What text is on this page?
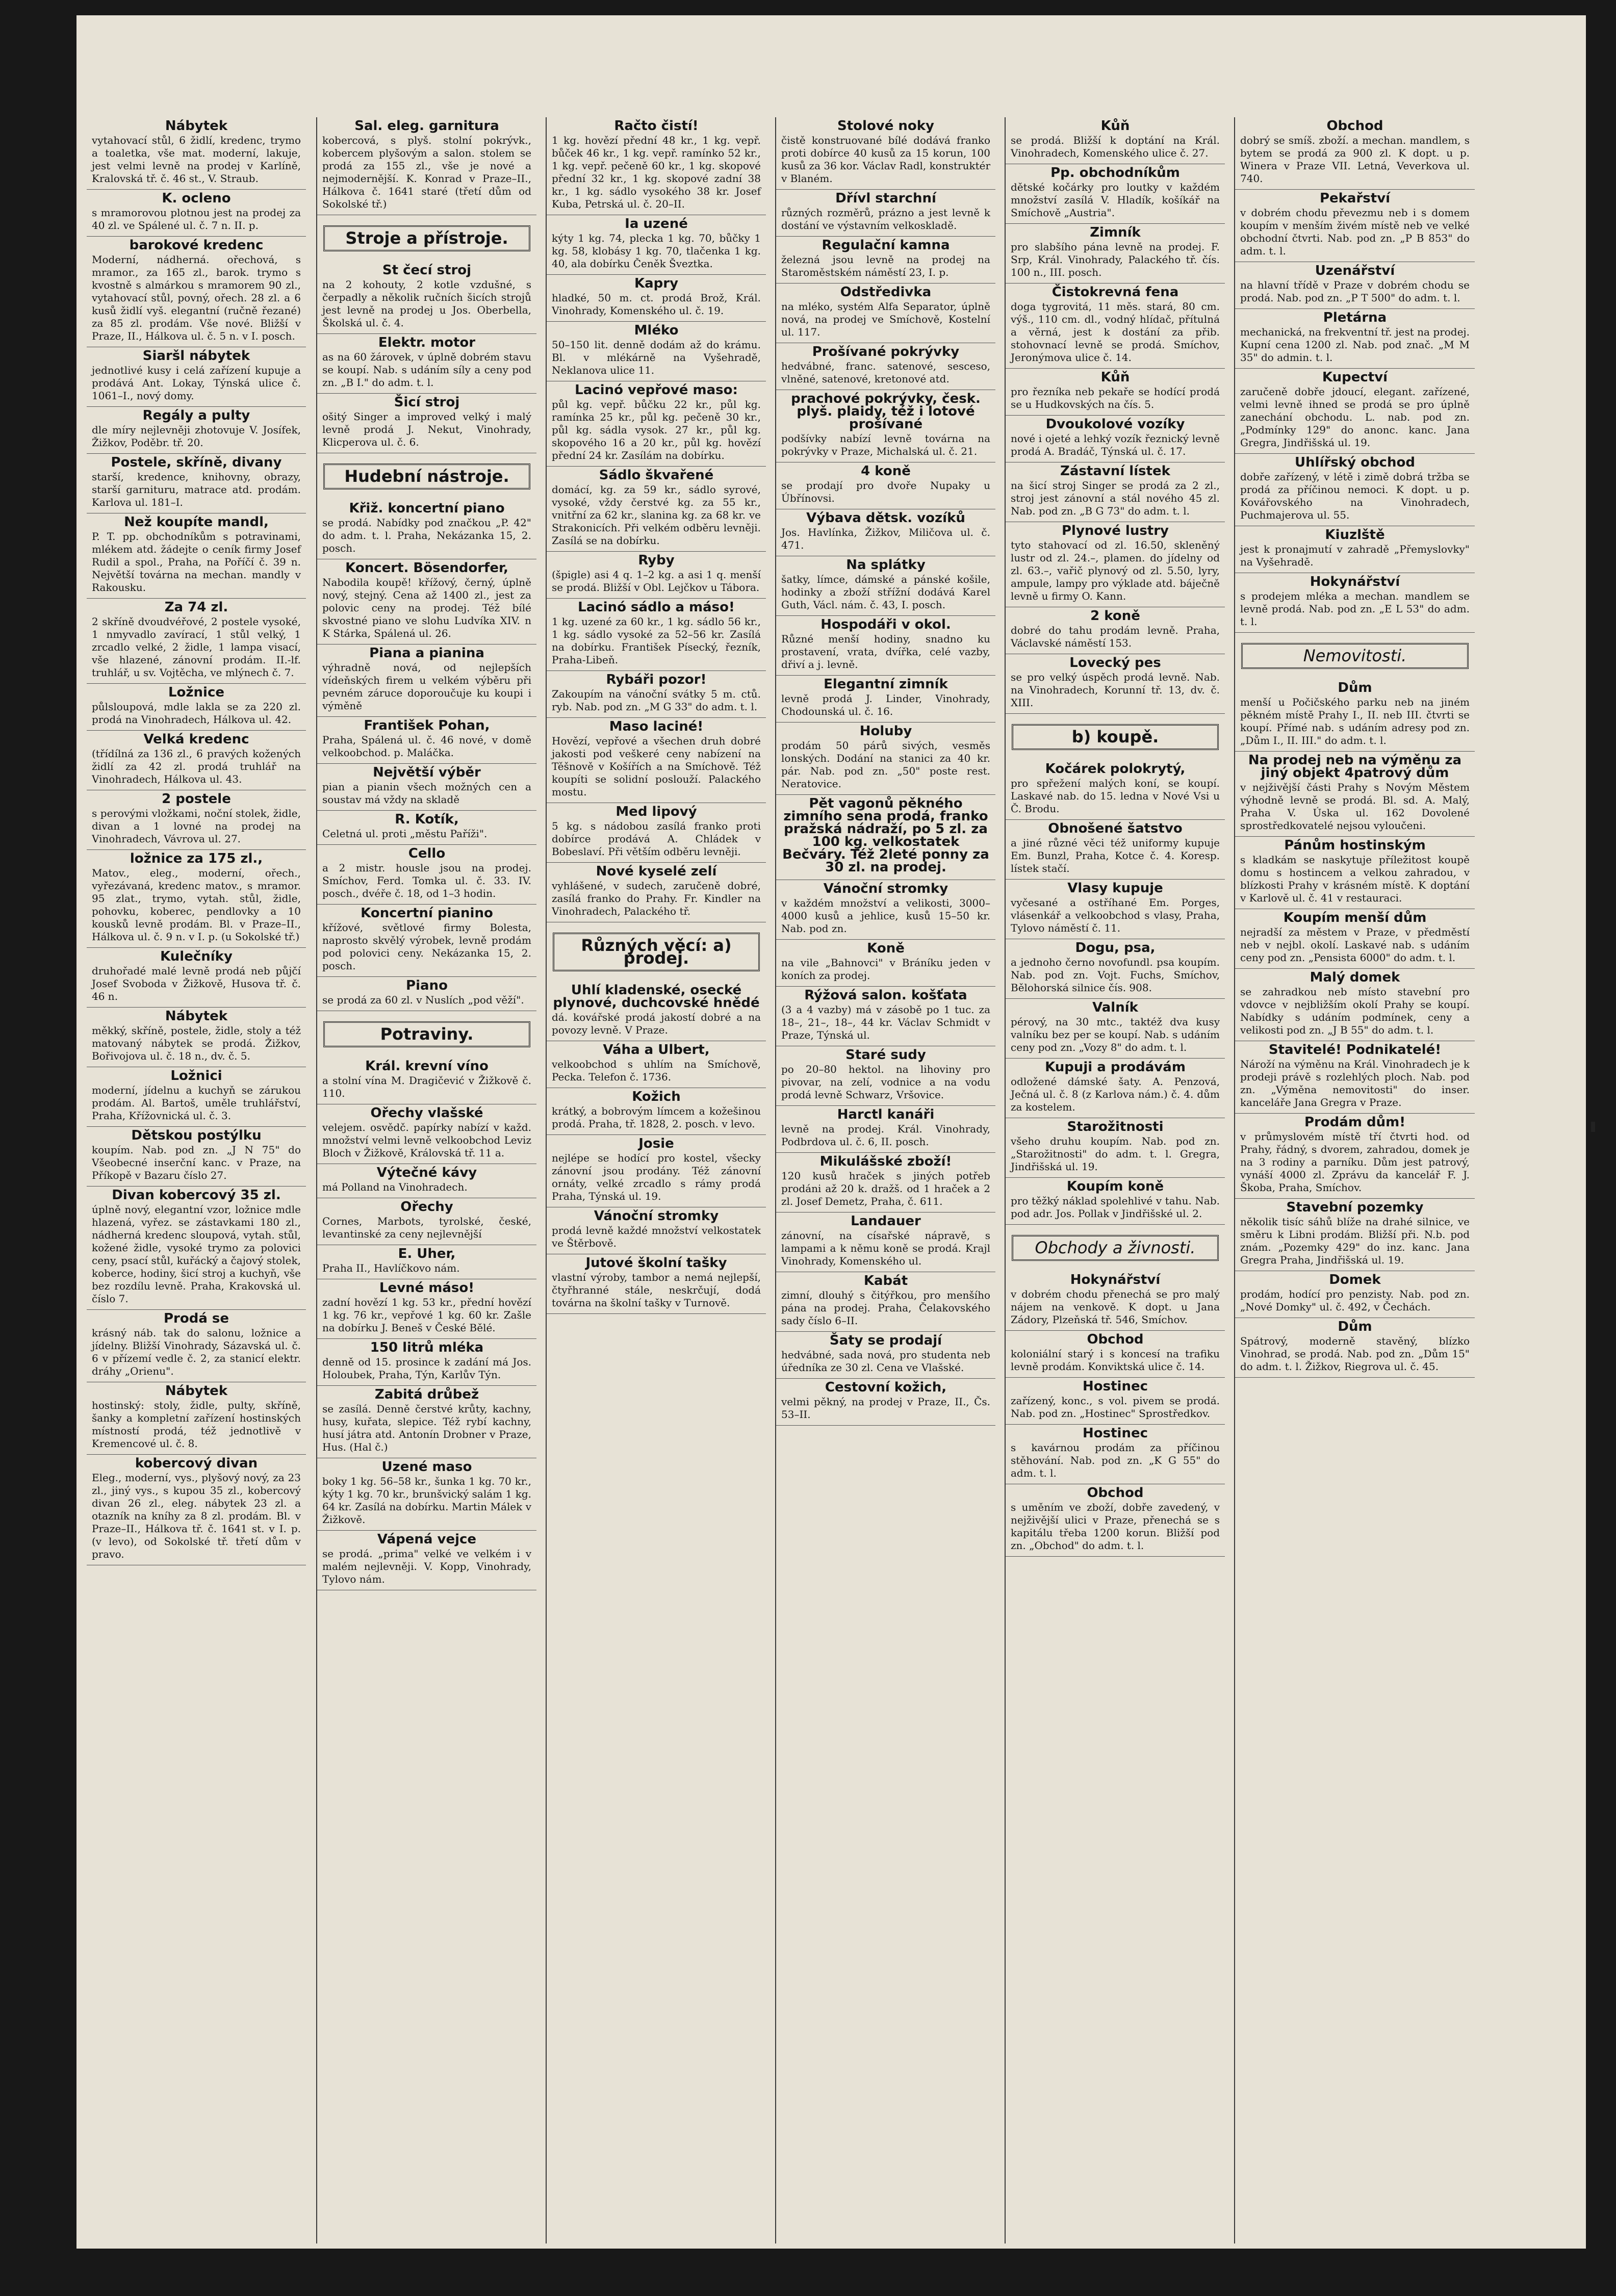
Nábytek

vytahovací stůl, 6 židlí, kredenc, trymo a toaletka, vše mat. moderní, lakuje, jest velmi levně na prodej v Karlíně, Kralovská tř. č. 46 st., V. Straub.

K. ocleno

s mramorovou plotnou jest na prodej za 40 zl. ve Spálené ul. č. 7 n. II. p.

barokové kredenc

Moderní, nádherná. ořechová, s mramor., za 165 zl., barok. trymo s kvostně s almárkou s mramorem 90 zl., vytahovací stůl, povný, ořech. 28 zl. a 6 kusů židlí vyš. elegantní (ručně řezané) za 85 zl. prodám. Vše nové. Bližší v Praze, II., Hálkova ul. č. 5 n. v I. posch.

Siaršl nábytek

jednotlivé kusy i celá zařízení kupuje a prodává Ant. Lokay, Týnská ulice č. 1061–I., nový domy.

Regály a pulty

dle míry nejlevněji zhotovuje V. Josífek, Žižkov, Poděbr. tř. 20.

Postele, skříně, divany

starší, kredence, knihovny, obrazy, starší garnituru, matrace atd. prodám. Karlova ul. 181–I.

Než koupíte mandl,

P. T. pp. obchodníkům s potravinami, mlékem atd. žádejte o ceník firmy Josef Rudil a spol., Praha, na Poříčí č. 39 n. Největší továrna na mechan. mandly v Rakousku.

Za 74 zl.

2 skříně dvoudvéřové, 2 postele vysoké, 1 nmyvadlo zavírací, 1 stůl velký, 1 zrcadlo velké, 2 židle, 1 lampa visací, vše hlazené, zánovní prodám. II.-lf. truhlář, u sv. Vojtěcha, ve mlýnech č. 7.

Ložnice

půlsloupová, mdle lakla se za 220 zl. prodá na Vinohradech, Hálkova ul. 42.

Velká kredenc

(třídílná za 136 zl., 6 pravých kožených židlí za 42 zl. prodá truhlář na Vinohradech, Hálkova ul. 43.

2 postele

s perovými vložkami, noční stolek, židle, divan a 1 lovné na prodej na Vinohradech, Vávrova ul. 27.

ložnice za 175 zl.,

Matov., eleg., moderní, ořech., vyřezávaná, kredenc matov., s mramor. 95 zlat., trymo, vytah. stůl, židle, pohovku, koberec, pendlovky a 10 kousků levně prodám. Bl. v Praze–II., Hálkova ul. č. 9 n. v I. p. (u Sokolské tř.)

Kulečníky

druhořadé malé levně prodá neb půjčí Josef Svoboda v Žižkově, Husova tř. č. 46 n.

Nábytek

měkký, skříně, postele, židle, stoly a též matovaný nábytek se prodá. Žižkov, Bořivojova ul. č. 18 n., dv. č. 5.

Ložnici

moderní, jídelnu a kuchyň se zárukou prodám. Al. Bartoš, uměle truhlářství, Praha, Křížovnická ul. č. 3.

Dětskou postýlku

koupím. Nab. pod zn. „J N 75" do Všeobecné inserční kanc. v Praze, na Příkopě v Bazaru číslo 27.

Divan kobercový 35 zl.

úplně nový, elegantní vzor, ložnice mdle hlazená, vyřez. se zástavkami 180 zl., nádherná kredenc sloupová, vytah. stůl, kožené židle, vysoké trymo za polovici ceny, psací stůl, kuřácký a čajový stolek, koberce, hodiny, šicí stroj a kuchyň, vše bez rozdílu levně. Praha, Krakovská ul. číslo 7.

Prodá se

krásný náb. tak do salonu, ložnice a jídelny. Bližší Vinohrady, Sázavská ul. č. 6 v přízemí vedle č. 2, za stanicí elektr. dráhy „Orienu".

Nábytek

hostinský: stoly, židle, pulty, skříně, šanky a kompletní zařízení hostinských místností prodá, též jednotlivě v Kremencové ul. č. 8.

kobercový divan

Eleg., moderní, vys., plyšový nový, za 23 zl., jiný vys., s kupou 35 zl., kobercový divan 26 zl., eleg. nábytek 23 zl. a otazník na kníhy za 8 zl. prodám. Bl. v Praze–II., Hálkova tř. č. 1641 st. v I. p. (v levo), od Sokolské tř. třetí dům v pravo.

Sal. eleg. garnitura

kobercová, s plyš. stolní pokrývk., kobercem plyšovým a salon. stolem se prodá za 155 zl., vše je nové a nejmodernější. K. Konrad v Praze–II., Hálkova č. 1641 staré (třetí dům od Sokolské tř.)

Stroje a přístroje.
St čecí stroj

na 2 kohouty, 2 kotle vzdušné, s čerpadly a několik ručních šicích strojů jest levně na prodej u Jos. Oberbella, Školská ul. č. 4.

Elektr. motor

as na 60 žárovek, v úplně dobrém stavu se koupí. Nab. s udáním síly a ceny pod zn. „B I." do adm. t. l.

Šicí stroj

ošitý Singer a improved velký i malý levně prodá J. Nekut, Vinohrady, Klicperova ul. č. 6.

Hudební nástroje.
Křiž. koncertní piano

se prodá. Nabídky pod značkou „P. 42" do adm. t. l. Praha, Nekázanka 15, 2. posch.

Koncert. Bösendorfer,

Nabodila koupě! křížový, černý, úplně nový, stejný. Cena až 1400 zl., jest za polovic ceny na prodej. Též bílé skvostné piano ve slohu Ludvíka XIV. n K Stárka, Spálená ul. 26.

Piana a pianina

výhradně nová, od nejlepších vídeňských firem u velkém výběru při pevném záruce doporoučuje ku koupi i výměně

František Pohan,

Praha, Spálená ul. č. 46 nové, v domě velkoobchod. p. Maláčka.

Největší výběr

pian a pianin všech možných cen a soustav má vždy na skladě

R. Kotík,

Celetná ul. proti „městu Paříži".

Cello

a 2 mistr. housle jsou na prodej. Smíchov, Ferd. Tomka ul. č. 33. IV. posch., dvéře č. 18, od 1–3 hodin.

Koncertní pianino

křížové, světlové firmy Bolesta, naprosto skvělý výrobek, levně prodám pod polovici ceny. Nekázanka 15, 2. posch.

Piano

se prodá za 60 zl. v Nuslích „pod věží".

Potraviny.
Král. krevní víno

a stolní vína M. Dragičević v Žižkově č. 110.

Ořechy vlašské

velejem. osvědč. papírky nabízí v každ. množství velmi levně velkoobchod Leviz Bloch v Žižkově, Královská tř. 11 a.

Výtečné kávy

má Polland na Vinohradech.

Ořechy

Cornes, Marbots, tyrolské, české, levantinské za ceny nejlevnější

E. Uher,

Praha II., Havlíčkovo nám.

Levné máso!

zadní hovězí 1 kg. 53 kr., přední hovězí 1 kg. 76 kr., vepřové 1 kg. 60 kr. Zašle na dobírku J. Beneš v České Bělé.

150 litrů mléka

denně od 15. prosince k zadání má Jos. Holoubek, Praha, Týn, Karlův Týn.

Zabitá drůbež

se zasílá. Denně čerstvé krůty, kachny, husy, kuřata, slepice. Též rybí kachny, husí játra atd. Antonín Drobner v Praze, Hus. (Hal č.)

Uzené maso

boky 1 kg. 56–58 kr., šunka 1 kg. 70 kr., kýty 1 kg. 70 kr., brunšvický salám 1 kg. 64 kr. Zasílá na dobírku. Martin Málek v Žižkově.

Vápená vejce

se prodá. „prima" velké ve velkém i v malém nejlevněji. V. Kopp, Vinohrady, Tylovo nám.

Račto čistí!

1 kg. hovězí přední 48 kr., 1 kg. vepř. bůček 46 kr., 1 kg. vepř. ramínko 52 kr., 1 kg. vepř. pečeně 60 kr., 1 kg. skopové přední 32 kr., 1 kg. skopové zadní 38 kr., 1 kg. sádlo vysokého 38 kr. Josef Kuba, Petrská ul. č. 20–II.

Ia uzené

kýty 1 kg. 74, plecka 1 kg. 70, bůčky 1 kg. 58, klobásy 1 kg. 70, tlačenka 1 kg. 40, ala dobírku Čeněk Šveztka.

Kapry

hladké, 50 m. ct. prodá Brož, Král. Vinohrady, Komenského ul. č. 19.

Mléko

50–150 lit. denně dodám až do krámu. Bl. v mlékárně na Vyšehradě, Neklanova ulice 11.

Lacinó vepřové maso:

půl kg. vepř. bůčku 22 kr., půl kg. ramínka 25 kr., půl kg. pečeně 30 kr., půl kg. sádla vysok. 27 kr., půl kg. skopového 16 a 20 kr., půl kg. hovězí přední 24 kr. Zasílám na dobírku.

Sádlo škvařené

domácí, kg. za 59 kr., sádlo syrové, vysoké, vždy čerstvé kg. za 55 kr., vnitřní za 62 kr., slanina kg. za 68 kr. ve Strakonicích. Při velkém odběru levněji. Zasílá se na dobírku.

Ryby

(špigle) asi 4 q. 1–2 kg. a asi 1 q. menší se prodá. Bližší v Obl. Lejčkov u Tábora.

Lacinó sádlo a máso!

1 kg. uzené za 60 kr., 1 kg. sádlo 56 kr., 1 kg. sádlo vysoké za 52–56 kr. Zasílá na dobírku. František Písecký, řezník, Praha-Libeň.

Rybáři pozor!

Zakoupím na vánoční svátky 5 m. ctů. ryb. Nab. pod zn. „M G 33" do adm. t. l.

Maso laciné!

Hovězí, vepřové a všechen druh dobré jakosti pod veškeré ceny nabízení na Těšnově v Košířích a na Smíchově. Též koupíti se solidní poslouží. Palackého mostu.

Med lipový

5 kg. s nádobou zasílá franko proti dobírce prodává A. Chládek v Bobeslaví. Při větším odběru levněji.

Nové kyselé zelí

vyhlášené, v sudech, zaručeně dobré, zasílá franko do Prahy. Fr. Kindler na Vinohradech, Palackého tř.

Různých věcí: a) prodej.
Uhlí kladenské, osecké plynové, duchcovské hnědé

dá. kovářské prodá jakostí dobré a na povozy levně. V Praze.

Váha a Ulbert,

velkoobchod s uhlím na Smíchově, Pecka. Telefon č. 1736.

Kožich

krátký, a bobrovým límcem a kožešinou prodá. Praha, tř. 1828, 2. posch. v levo.

Josie

nejlépe se hodící pro kostel, všecky zánovní jsou prodány. Též zánovní ornáty, velké zrcadlo s rámy prodá Praha, Týnská ul. 19.

Vánoční stromky

prodá levně každé množství velkostatek ve Štěrbově.

Jutové školní tašky

vlastní výroby, tambor a nemá nejlepší, čtyřhranné stále, neskrčují, dodá továrna na školní tašky v Turnově.

Stolové noky

čistě konstruované bílé dodává franko proti dobírce 40 kusů za 15 korun, 100 kusů za 36 kor. Václav Radl, konstruktér v Blaném.

Dřívl starchní

různých rozměrů, prázno a jest levně k dostání ve výstavním velkoskladě.

Regulační kamna

železná jsou levně na prodej na Staroměstském náměstí 23, I. p.

Odstředivka

na mléko, systém Alfa Separator, úplně nová, na prodej ve Smíchově, Kostelní ul. 117.

Prošívané pokrývky

hedvábné, franc. satenové, sesceso, vlněné, satenové, kretonové atd.

prachové pokrývky, česk. plyš. plaidy, též i lotové prošívané

podšívky nabízí levně továrna na pokrývky v Praze, Michalská ul. č. 21.

4 koně

se prodají pro dvoře Nupaky u Úbřínovsi.

Výbava dětsk. vozíků

Jos. Havlínka, Žižkov, Miličova ul. č. 471.

Na splátky

šatky, límce, dámské a pánské košile, hodinky a zboží střížní dodává Karel Guth, Václ. nám. č. 43, I. posch.

Hospodáři v okol.

Různé menší hodiny, snadno ku prostavení, vrata, dvířka, celé vazby, dřiví a j. levně.

Elegantní zimník

levně prodá J. Linder, Vinohrady, Chodounská ul. č. 16.

Holuby

prodám 50 párů sivých, vesměs lonských. Dodání na stanici za 40 kr. pár. Nab. pod zn. „50" poste rest. Neratovice.

Pět vagonů pěkného zimního sena prodá, franko pražská nádraží, po 5 zl. za 100 kg. velkostatek Bečváry. Též 2leté ponny za 30 zl. na prodej.
Vánoční stromky

v každém množství a velikosti, 3000–4000 kusů a jehlice, kusů 15–50 kr. Nab. pod zn.

Koně

na vile „Bahnovci" v Bráníku jeden v koních za prodej.

Rýžová salon. košťata

(3 a 4 vazby) má v zásobě po 1 tuc. za 18–, 21–, 18–, 44 kr. Václav Schmidt v Praze, Týnská ul.

Staré sudy

po 20–80 hektol. na lihoviny pro pivovar, na zelí, vodnice a na vodu prodá levně Schwarz, Vršovice.

Harctl kanáři

levně na prodej. Král. Vinohrady, Podbrdova ul. č. 6, II. posch.

Mikulášské zboží!

120 kusů hraček s jiných potřeb prodáni až 20 k. dražš. od 1 hraček a 2 zl. Josef Demetz, Praha, č. 611.

Landauer

zánovní, na císařské nápravě, s lampami a k němu koně se prodá. Krajl Vinohrady, Komenského ul.

Kabát

zimní, dlouhý s čitýřkou, pro menšího pána na prodej. Praha, Čelakovského sady číslo 6–II.

Šaty se prodají

hedvábné, sada nová, pro studenta neb úředníka ze 30 zl. Cena ve Vlašské.

Cestovní kožich,

velmi pěkný, na prodej v Praze, II., Čs. 53–II.

Kůň

se prodá. Bližší k doptání na Král. Vinohradech, Komenského ulice č. 27.

Pp. obchodníkům

dětské kočárky pro loutky v každém množství zasílá V. Hladík, košíkář na Smíchově „Austria".

Zimník

pro slabšího pána levně na prodej. F. Srp, Král. Vinohrady, Palackého tř. čís. 100 n., III. posch.

Čistokrevná fena

doga tygrovitá, 11 měs. stará, 80 cm. výš., 110 cm. dl., vodný hlídač, přítulná a věrná, jest k dostání za přib. stohovnací levně se prodá. Smíchov, Jeronýmova ulice č. 14.

Kůň

pro řezníka neb pekaře se hodící prodá se u Hudkovských na čís. 5.

Dvoukolové vozíky

nové i ojeté a lehký vozík řeznický levně prodá A. Bradáč, Týnská ul. č. 17.

Zástavní lístek

na šicí stroj Singer se prodá za 2 zl., stroj jest zánovní a stál nového 45 zl. Nab. pod zn. „B G 73" do adm. t. l.

Plynové lustry

tyto stahovací od zl. 16.50, skleněný lustr od zl. 24.–, plamen. do jídelny od zl. 63.–, vařič plynový od zl. 5.50, lyry, ampule, lampy pro výklade atd. báječně levně u firmy O. Kann.

2 koně

dobré do tahu prodám levně. Praha, Václavské náměstí 153.

Lovecký pes

se pro velký úspěch prodá levně. Nab. na Vinohradech, Korunní tř. 13, dv. č. XIII.

b) koupě.
Kočárek polokrytý,

pro spřežení malých koní, se koupí. Laskavé nab. do 15. ledna v Nové Vsi u Č. Brodu.

Obnošené šatstvo

a jiné různé věci též uniformy kupuje Em. Bunzl, Praha, Kotce č. 4. Koresp. lístek stačí.

Vlasy kupuje

vyčesané a ostříhané Em. Porges, vlásenkář a velkoobchod s vlasy, Praha, Tylovo náměstí č. 11.

Dogu, psa,

a jednoho černo novofundl. psa koupím. Nab. pod zn. Vojt. Fuchs, Smíchov, Bělohorská silnice čís. 908.

Valník

pérový, na 30 mtc., taktéž dva kusy valníku bez per se koupí. Nab. s udáním ceny pod zn. „Vozy 8" do adm. t. l.

Kupuji a prodávám

odložené dámské šaty. A. Penzová, Ječná ul. č. 8 (z Karlova nám.) č. 4. dům za kostelem.

Starožitnosti

všeho druhu koupím. Nab. pod zn. „Starožitnosti" do adm. t. l. Gregra, Jindřišská ul. 19.

Koupím koně

pro těžký náklad spolehlivé v tahu. Nab. pod adr. Jos. Pollak v Jindřišské ul. 2.

Obchody a živnosti.
Hokynářství

v dobrém chodu přenechá se pro malý nájem na venkově. K dopt. u Jana Zádory, Plzeňská tř. 546, Smíchov.

Obchod

koloniální starý i s koncesí na trafiku levně prodám. Konviktská ulice č. 14.

Hostinec

zařízený, konc., s vol. pivem se prodá. Nab. pod zn. „Hostinec" Sprostředkov.

Hostinec

s kavárnou prodám za příčinou stěhování. Nab. pod zn. „K G 55" do adm. t. l.

Obchod

s uměním ve zboží, dobře zavedený, v nejživější ulici v Praze, přenechá se s kapitálu třeba 1200 korun. Bližší pod zn. „Obchod" do adm. t. l.

Obchod

dobrý se smíš. zboží. a mechan. mandlem, s bytem se prodá za 900 zl. K dopt. u p. Winera v Praze VII. Letná, Veverkova ul. 740.

Pekařství

v dobrém chodu převezmu neb i s domem koupím v menším živém místě neb ve velké obchodní čtvrti. Nab. pod zn. „P B 853" do adm. t. l.

Uzenářství

na hlavní třídě v Praze v dobrém chodu se prodá. Nab. pod zn. „P T 500" do adm. t. l.

Pletárna

mechanická, na frekventní tř. jest na prodej. Kupní cena 1200 zl. Nab. pod znač. „M M 35" do admin. t. l.

Kupectví

zaručeně dobře jdoucí, elegant. zařízené, velmi levně ihned se prodá se pro úplně zanechání obchodu. L. nab. pod zn. „Podmínky 129" do anonc. kanc. Jana Gregra, Jindřišská ul. 19.

Uhlířský obchod

dobře zařízený, v létě i zimě dobrá tržba se prodá za příčinou nemoci. K dopt. u p. Kovářovského na Vinohradech, Puchmajerova ul. 55.

Kiuzlště

jest k pronajmutí v zahradě „Přemyslovky" na Vyšehradě.

Hokynářství

s prodejem mléka a mechan. mandlem se levně prodá. Nab. pod zn. „E L 53" do adm. t. l.

Nemovitosti.
Dům

menší u Počičského parku neb na jiném pěkném místě Prahy I., II. neb III. čtvrti se koupí. Přímé nab. s udáním adresy pod zn. „Dům I., II. III." do adm. t. l.

Na prodej neb na výměnu za jiný objekt 4patrový dům

v nejživější části Prahy s Novým Městem výhodně levně se prodá. Bl. sd. A. Malý, Praha V. Úska ul. 162 Dovolené sprostředkovatelé nejsou vyloučeni.

Pánům hostinským

s kladkám se naskytuje příležitost koupě domu s hostincem a velkou zahradou, v blízkosti Prahy v krásném místě. K doptání v Karlově ul. č. 41 v restauraci.

Koupím menší dům

nejradší za městem v Praze, v předměstí neb v nejbl. okolí. Laskavé nab. s udáním ceny pod zn. „Pensista 6000" do adm. t. l.

Malý domek

se zahradkou neb místo stavební pro vdovce v nejbližším okolí Prahy se koupí. Nabídky s udáním podmínek, ceny a velikosti pod zn. „J B 55" do adm. t. l.

Stavitelé! Podnikatelé!

Nároží na výměnu na Král. Vinohradech je k prodeji právě s rozlehlých ploch. Nab. pod zn. „Výměna nemovitosti" do inser. kanceláře Jana Gregra v Praze.

Prodám dům!

v průmyslovém místě tří čtvrti hod. od Prahy, řádný, s dvorem, zahradou, domek je na 3 rodiny a parníku. Dům jest patrový, vynáší 4000 zl. Zprávu da kancelář F. J. Škoba, Praha, Smíchov.

Stavební pozemky

několik tisíc sáhů blíže na drahé silnice, ve směru k Libni prodám. Bližší při. N.b. pod znám. „Pozemky 429" do inz. kanc. Jana Gregra Praha, Jindřišská ul. 19.

Domek

prodám, hodící pro penzisty. Nab. pod zn. „Nové Domky" ul. č. 492, v Čechách.

Dům

Spátrový, moderně stavěný, blízko Vinohrad, se prodá. Nab. pod zn. „Dům 15" do adm. t. l. Žižkov, Riegrova ul. č. 45.
